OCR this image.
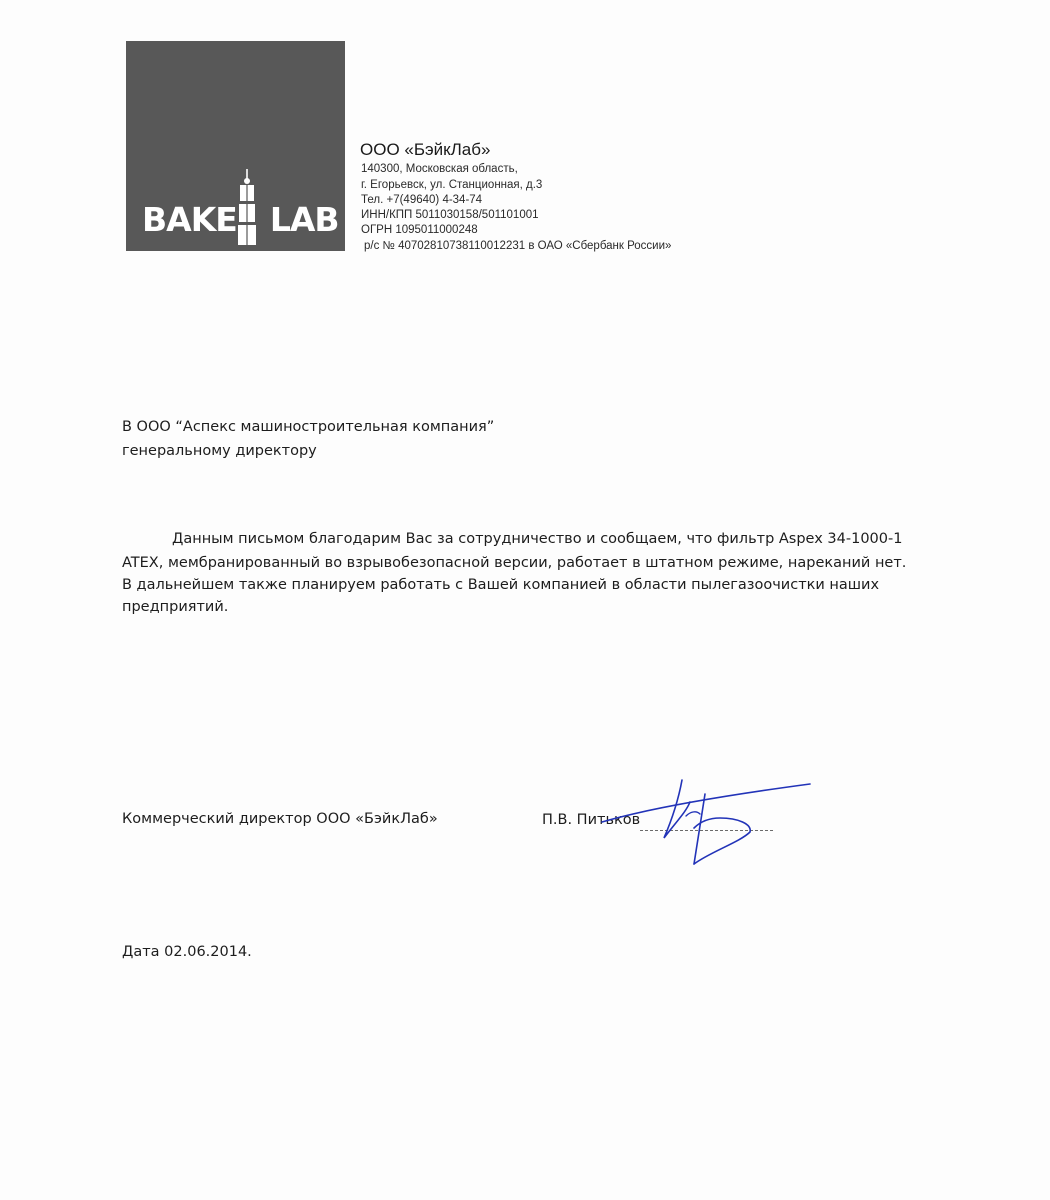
BAKE LAB
ООО «БэйкЛаб»
140300, Московская область,
г. Егорьевск, ул. Станционная, д.3
Тел. +7(49640) 4-34-74
ИНН/КПП 5011030158/501101001
ОГРН 1095011000248
р/с № 40702810738110012231 в ОАО «Сбербанк России»
В ООО “Аспекс машиностроительная компания”
генеральному директору
Данным письмом благодарим Вас за сотрудничество и сообщаем, что фильтр Aspex 34-1000-1
ATEX, мембранированный во взрывобезопасной версии, работает в штатном режиме, нареканий нет.
В дальнейшем также планируем работать с Вашей компанией в области пылегазоочистки наших
предприятий.
Коммерческий директор ООО «БэйкЛаб»	П.В. Питьков
Дата 02.06.2014.
